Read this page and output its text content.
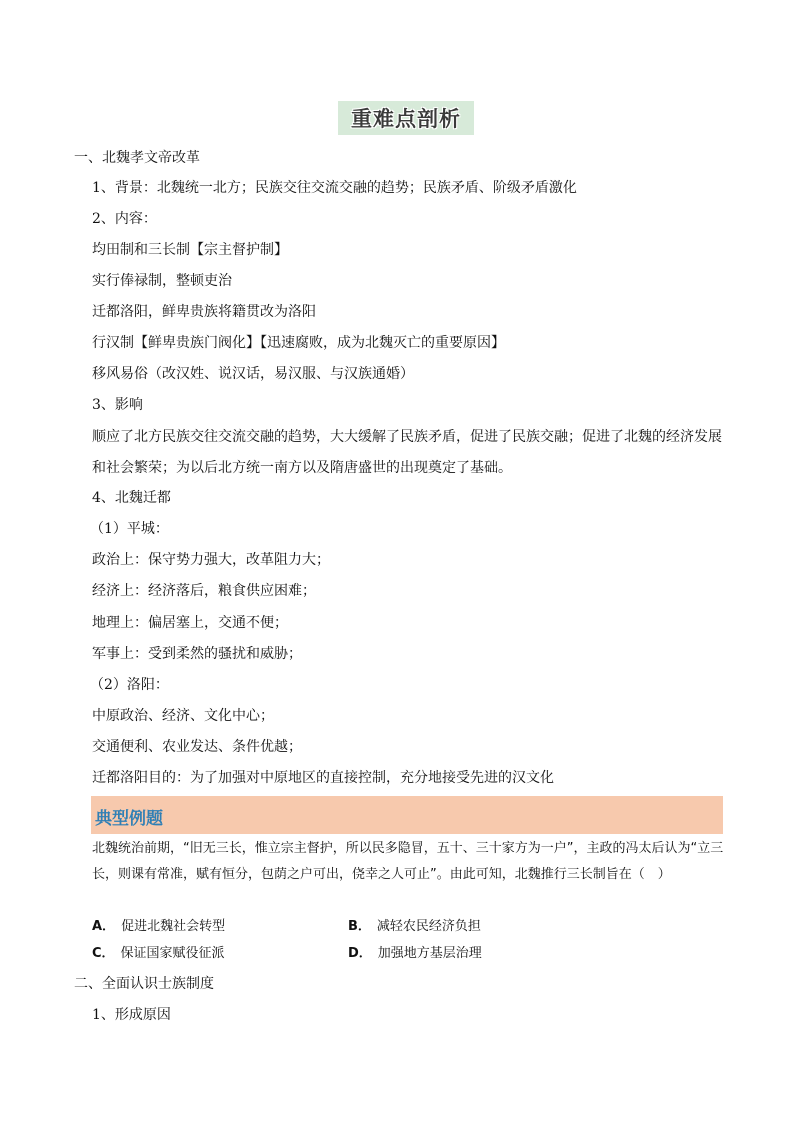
重难点剖析
一、北魏孝文帝改革
1、背景：北魏统一北方；民族交往交流交融的趋势；民族矛盾、阶级矛盾激化
2、内容：
均田制和三长制【宗主督护制】
实行俸禄制，整顿吏治
迁都洛阳，鲜卑贵族将籍贯改为洛阳
行汉制【鲜卑贵族门阀化】【迅速腐败，成为北魏灭亡的重要原因】
移风易俗（改汉姓、说汉话，易汉服、与汉族通婚）
3、影响
顺应了北方民族交往交流交融的趋势，大大缓解了民族矛盾，促进了民族交融；促进了北魏的经济发展和社会繁荣；为以后北方统一南方以及隋唐盛世的出现奠定了基础。
4、北魏迁都
（1）平城：
政治上：保守势力强大，改革阻力大；
经济上：经济落后，粮食供应困难；
地理上：偏居塞上，交通不便；
军事上：受到柔然的骚扰和威胁；
（2）洛阳：
中原政治、经济、文化中心；
交通便利、农业发达、条件优越；
迁都洛阳目的：为了加强对中原地区的直接控制，充分地接受先进的汉文化
典型例题
北魏统治前期，“旧无三长，惟立宗主督护，所以民多隐冒，五十、三十家方为一户”，主政的冯太后认为“立三长，则课有常准，赋有恒分，包荫之户可出，侥幸之人可止”。由此可知，北魏推行三长制旨在（　）
A． 促进北魏社会转型	B． 减轻农民经济负担
C． 保证国家赋役征派	D． 加强地方基层治理
二、全面认识士族制度
1、形成原因
